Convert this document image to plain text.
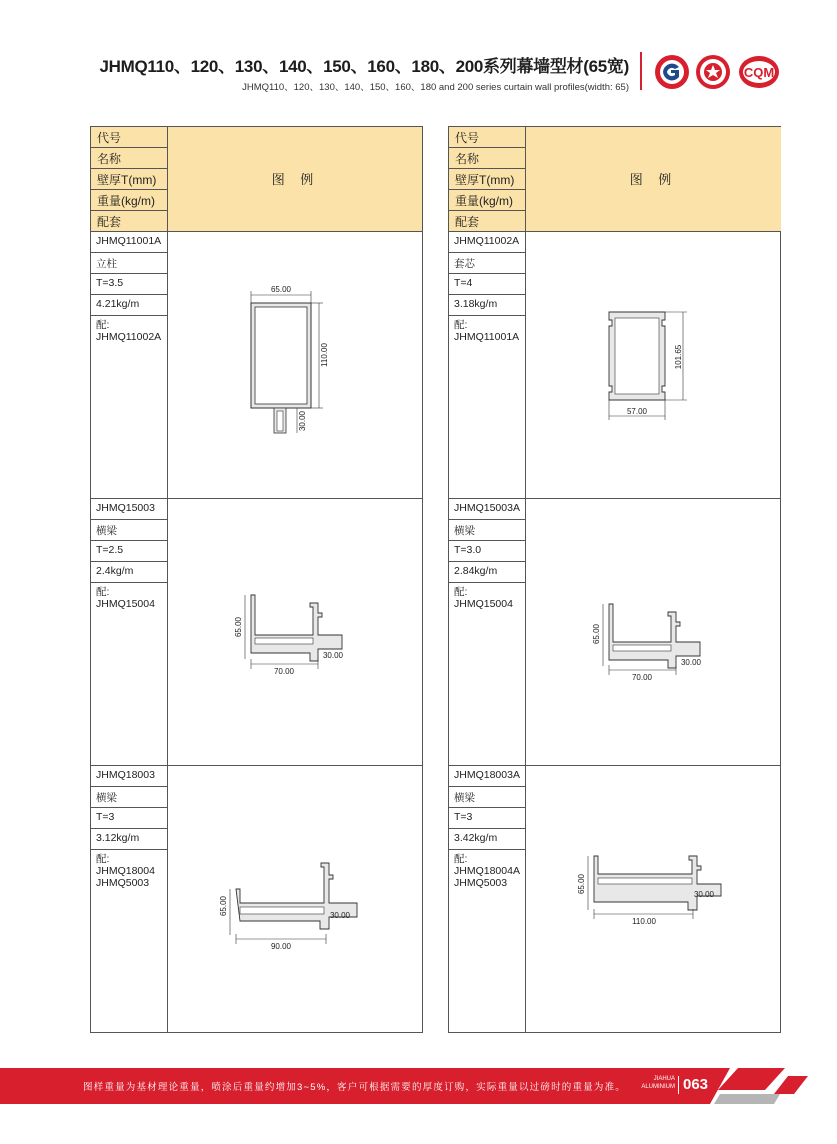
JHMQ110、120、130、140、150、160、180、200系列幕墙型材(65宽)
JHMQ110、120、130、140、150、160、180 and 200 series curtain wall profiles(width: 65)
CQM
代号
名称
壁厚T(mm)
重量(kg/m)
配套
图 例
JHMQ11001A
立柱
T=3.5
4.21kg/m
配:
JHMQ11002A
65.00
110.00
30.00
JHMQ15003
横梁
T=2.5
2.4kg/m
配:
JHMQ15004
65.00
30.00
70.00
JHMQ18003
横梁
T=3
3.12kg/m
配:
JHMQ18004
JHMQ5003
65.00	30.00
90.00
代号
名称
壁厚T(mm)
重量(kg/m)
配套
图 例
JHMQ11002A
套芯
T=4
3.18kg/m
配:
JHMQ11001A
101.65
57.00
JHMQ15003A
横梁
T=3.0
2.84kg/m
配:
JHMQ15004
65.00
30.00
70.00
JHMQ18003A
横梁
T=3
3.42kg/m
配:
JHMQ18004A
JHMQ5003	65.00
30.00
110.00
图样重量为基材理论重量，喷涂后重量约增加3~5%，客户可根据需要的厚度订购，实际重量以过磅时的重量为准。
JIAHUA
ALUMINIUM 063
